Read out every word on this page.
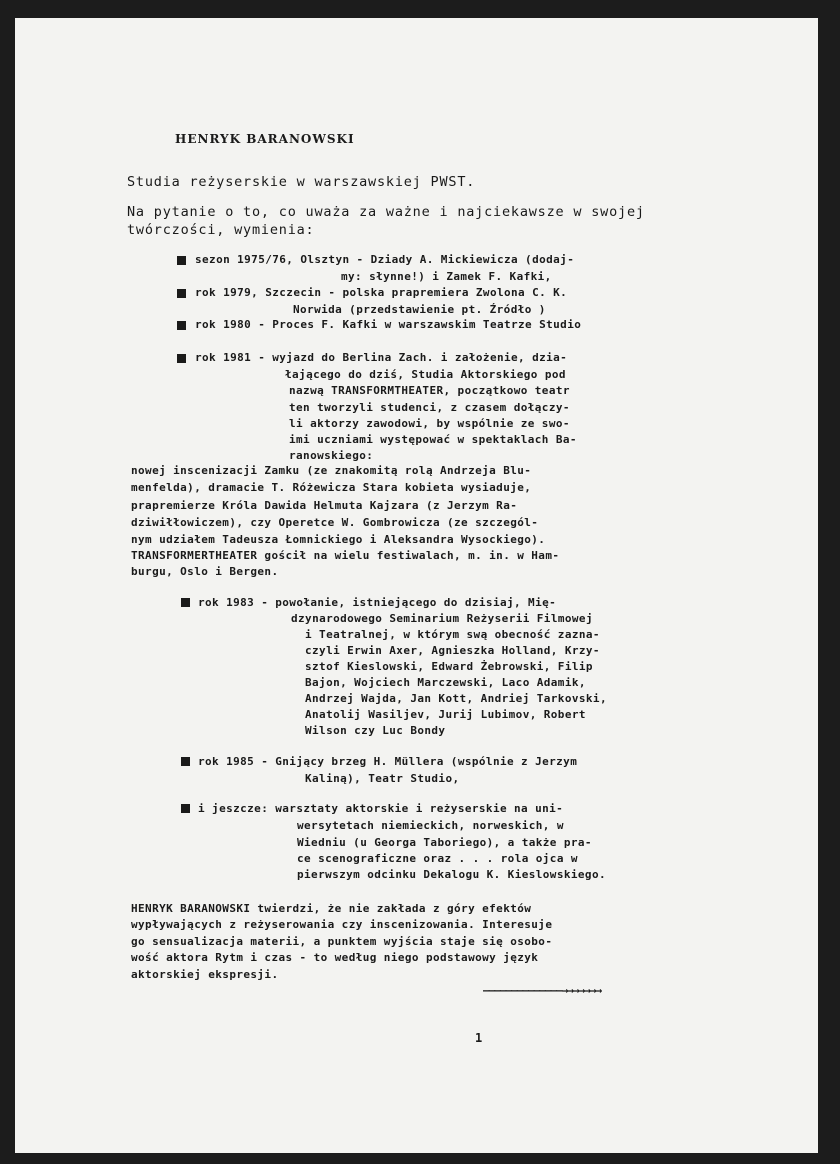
HENRYK BARANOWSKI
Studia reżyserskie w warszawskiej PWST.
Na pytanie o to, co uważa za ważne i najciekawsze w swojej
twórczości, wymienia:
sezon 1975/76, Olsztyn - Dziady A. Mickiewicza (dodaj-
my: słynne!) i Zamek F. Kafki,
rok 1979, Szczecin - polska prapremiera Zwolona C. K.
Norwida (przedstawienie pt. Źródło )
rok 1980 - Proces F. Kafki w warszawskim Teatrze Studio
rok 1981 - wyjazd do Berlina Zach. i założenie, dzia-
łającego do dziś, Studia Aktorskiego pod
nazwą TRANSFORMTHEATER, początkowo teatr
ten tworzyli studenci, z czasem dołączy-
li aktorzy zawodowi, by wspólnie ze swo-
imi uczniami występować w spektaklach Ba-
ranowskiego:
nowej inscenizacji Zamku (ze znakomitą rolą Andrzeja Blu-
menfelda), dramacie T. Różewicza Stara kobieta wysiaduje,
prapremierze Króla Dawida Helmuta Kajzara (z Jerzym Ra-
dziwiłłowiczem), czy Operetce W. Gombrowicza (ze szczegól-
nym udziałem Tadeusza Łomnickiego i Aleksandra Wysockiego).
TRANSFORMERTHEATER gościł na wielu festiwalach, m. in. w Ham-
burgu, Oslo i Bergen.
rok 1983 - powołanie, istniejącego do dzisiaj, Mię-
dzynarodowego Seminarium Reżyserii Filmowej
i Teatralnej, w którym swą obecność zazna-
czyli Erwin Axer, Agnieszka Holland, Krzy-
sztof Kieslowski, Edward Żebrowski, Filip
Bajon, Wojciech Marczewski, Laco Adamik,
Andrzej Wajda, Jan Kott, Andriej Tarkovski,
Anatolij Wasiljev, Jurij Lubimov, Robert
Wilson czy Luc Bondy
rok 1985 - Gnijący brzeg H. Müllera (wspólnie z Jerzym
Kaliną), Teatr Studio,
i jeszcze: warsztaty aktorskie i reżyserskie na uni-
wersytetach niemieckich, norweskich, w
Wiedniu (u Georga Taboriego), a także pra-
ce scenograficzne oraz . . . rola ojca w
pierwszym odcinku Dekalogu K. Kieslowskiego.
HENRYK BARANOWSKI twierdzi, że nie zakłada z góry efektów
wypływających z reżyserowania czy inscenizowania. Interesuje
go sensualizacja materii, a punktem wyjścia staje się osobo-
wość aktora Rytm i czas - to według niego podstawowy język
aktorskiej ekspresji.
——————————————→→→→→→→
1
